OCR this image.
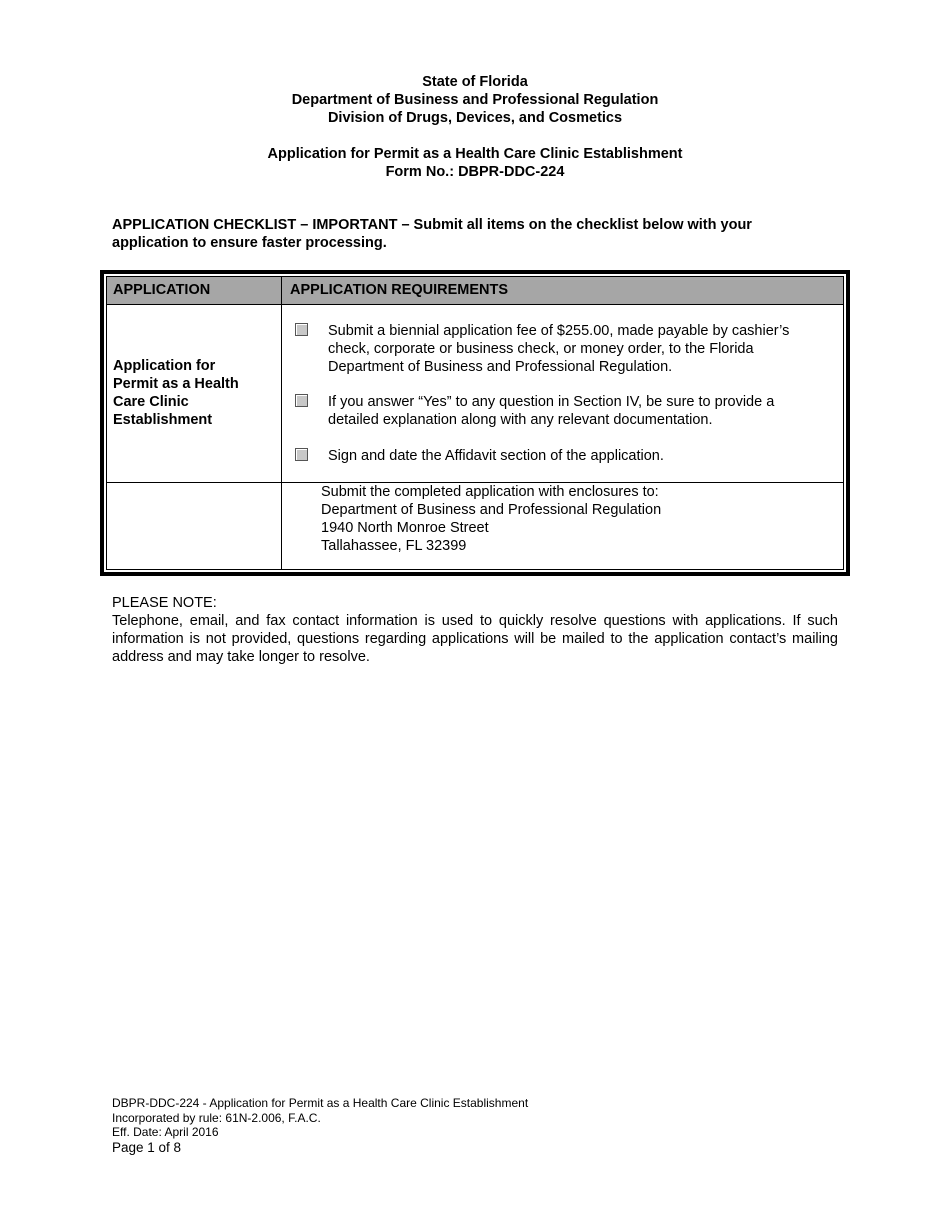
State of Florida
Department of Business and Professional Regulation
Division of Drugs, Devices, and Cosmetics
Application for Permit as a Health Care Clinic Establishment
Form No.: DBPR-DDC-224
APPLICATION CHECKLIST – IMPORTANT – Submit all items on the checklist below with your
application to ensure faster processing.
APPLICATION	APPLICATION REQUIREMENTS
Application for
Permit as a Health
Care Clinic
Establishment
Submit a biennial application fee of $255.00, made payable by cashier’s
check, corporate or business check, or money order, to the Florida
Department of Business and Professional Regulation.
If you answer “Yes” to any question in Section IV, be sure to provide a
detailed explanation along with any relevant documentation.
Sign and date the Affidavit section of the application.
Submit the completed application with enclosures to:
Department of Business and Professional Regulation
1940 North Monroe Street
Tallahassee, FL 32399
PLEASE NOTE:
Telephone, email, and fax contact information is used to quickly resolve questions with applications. If such information is not provided, questions regarding applications will be mailed to the application contact’s mailing address and may take longer to resolve.
DBPR-DDC-224 - Application for Permit as a Health Care Clinic Establishment
Incorporated by rule: 61N-2.006, F.A.C.
Eff. Date: April 2016
Page 1 of 8
